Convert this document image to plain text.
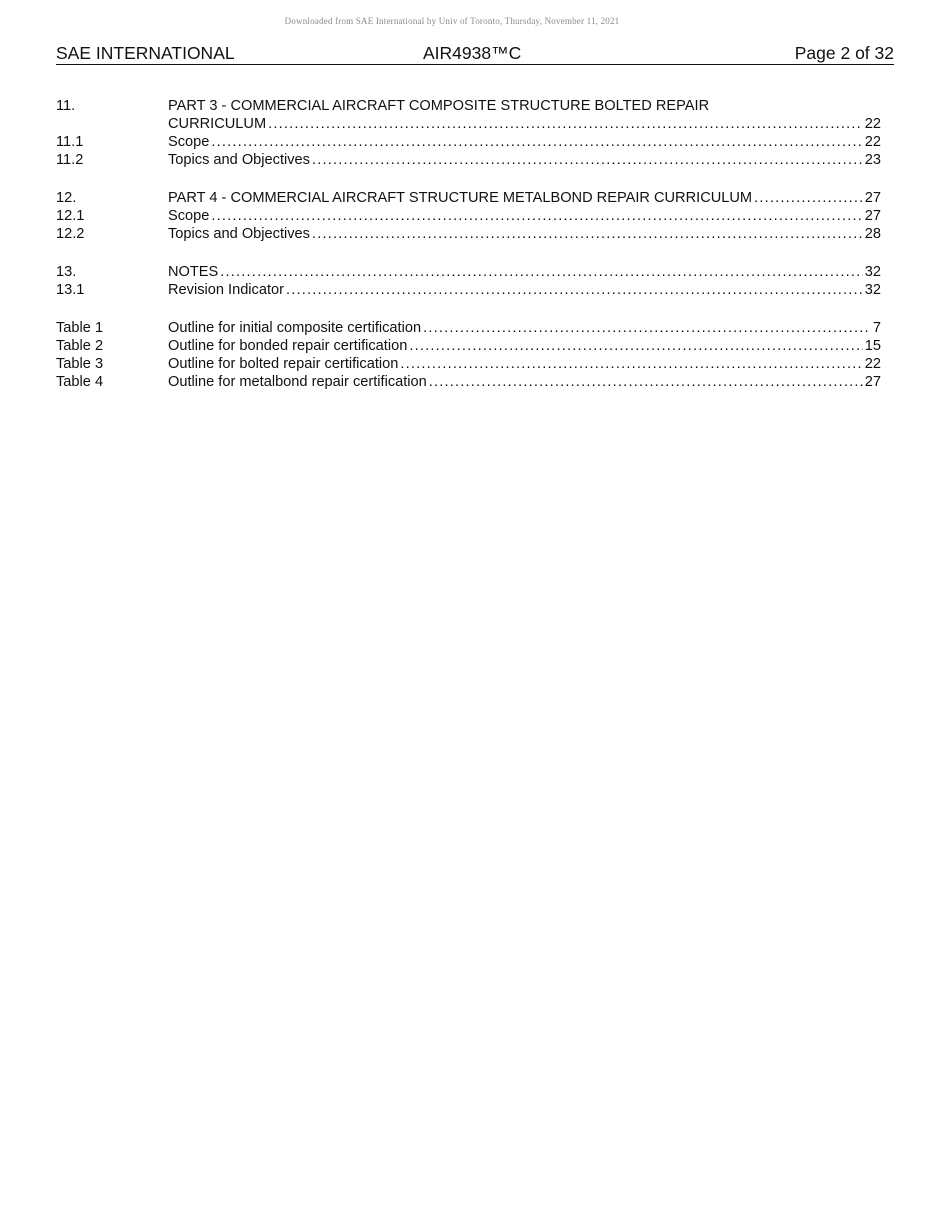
Downloaded from SAE International by Univ of Toronto, Thursday, November 11, 2021
SAE INTERNATIONAL	AIR4938™C	Page 2 of 32
11.	PART 3 - COMMERCIAL AIRCRAFT COMPOSITE STRUCTURE BOLTED REPAIR
CURRICULUM .....	22
11.1	Scope .....	22
11.2	Topics and Objectives .....	23
12.	PART 4 - COMMERCIAL AIRCRAFT STRUCTURE METALBOND REPAIR CURRICULUM .....	27
12.1	Scope .....	27
12.2	Topics and Objectives .....	28
13.	NOTES .....	32
13.1	Revision Indicator .....	32
Table 1	Outline for initial composite certification .....	7
Table 2	Outline for bonded repair certification .....	15
Table 3	Outline for bolted repair certification .....	22
Table 4	Outline for metalbond repair certification .....	27
